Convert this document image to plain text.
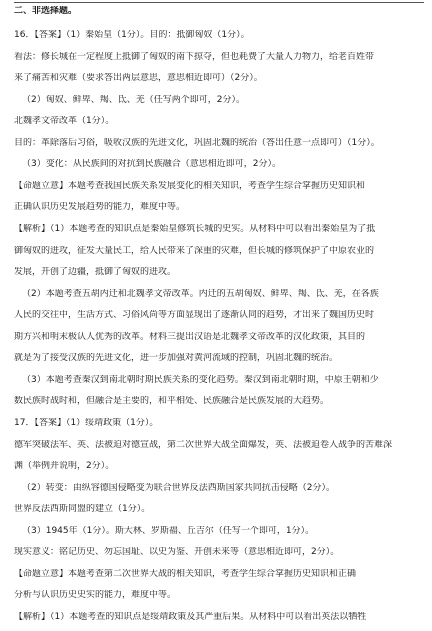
二、非选择题。
16．【答案】（1）秦始皇（1分）。目的：抵御匈奴（1分）。
看法：修长城在一定程度上抵御了匈奴的南下掠夺，但也耗费了大量人力物力，给老百姓带
来了痛苦和灾难（要求答出两层意思，意思相近即可）（2分）。
（2）匈奴、鲜卑、羯、氐、羌（任写两个即可，2分）。
北魏孝文帝改革（1分）。
目的：革除落后习俗，吸收汉族的先进文化，巩固北魏的统治（答出任意一点即可）（1分）。
（3）变化：从民族间的对抗到民族融合（意思相近即可，2分）。
【命题立意】本题考查我国民族关系发展变化的相关知识，考查学生综合掌握历史知识和
正确认识历史发展趋势的能力，难度中等。
【解析】（1）本题考查的知识点是秦始皇修筑长城的史实。从材料中可以看出秦始皇为了抵
御匈奴的进攻，征发大量民工，给人民带来了深重的灾难，但长城的修筑保护了中原农业的
发展，开创了边疆，抵御了匈奴的进攻。
（2）本题考查五胡内迁和北魏孝文帝改革。内迁的五胡匈奴、鲜卑、羯、氐、羌，在各族
人民的交往中，生活方式、习俗风尚等方面显现出了逐渐认同的趋势，才出来了魏国历史时
期方兴和明末极认人优秀的改革。材料三提出汉语是北魏孝文帝改革的汉化政策，其目的
就是为了接受汉族的先进文化，进一步加强对黄河流域的控制，巩固北魏的统治。
（3）本题考查秦汉到南北朝时期民族关系的变化趋势。秦汉到南北朝时期，中原王朝和少
数民族时战时和，但融合是主要的，和平相处、民族融合是民族发展的大趋势。
17．【答案】（1）绥靖政策（1分）。
德军突破法军、英、法被迫对德宣战，第二次世界大战全面爆发，英、法被迫卷入战争的苦难深
渊（举例并说明，2分）。
（2）转变：由纵容德国侵略变为联合世界反法西斯国家共同抗击侵略（2分）。
世界反法西斯同盟的建立（1分）。
（3）1945年（1分）。斯大林、罗斯福、丘吉尔（任写一个即可，1分）。
现实意义：铭记历史、勿忘国耻、以史为鉴、开创未来等（意思相近即可，2分）。
【命题立意】本题考查第二次世界大战的相关知识，考查学生综合掌握历史知识和正确
分析与认识历史史实的能力，难度中等。
【解析】（1）本题考查的知识点是绥靖政策及其严重后果。从材料中可以看出英法以牺牲
